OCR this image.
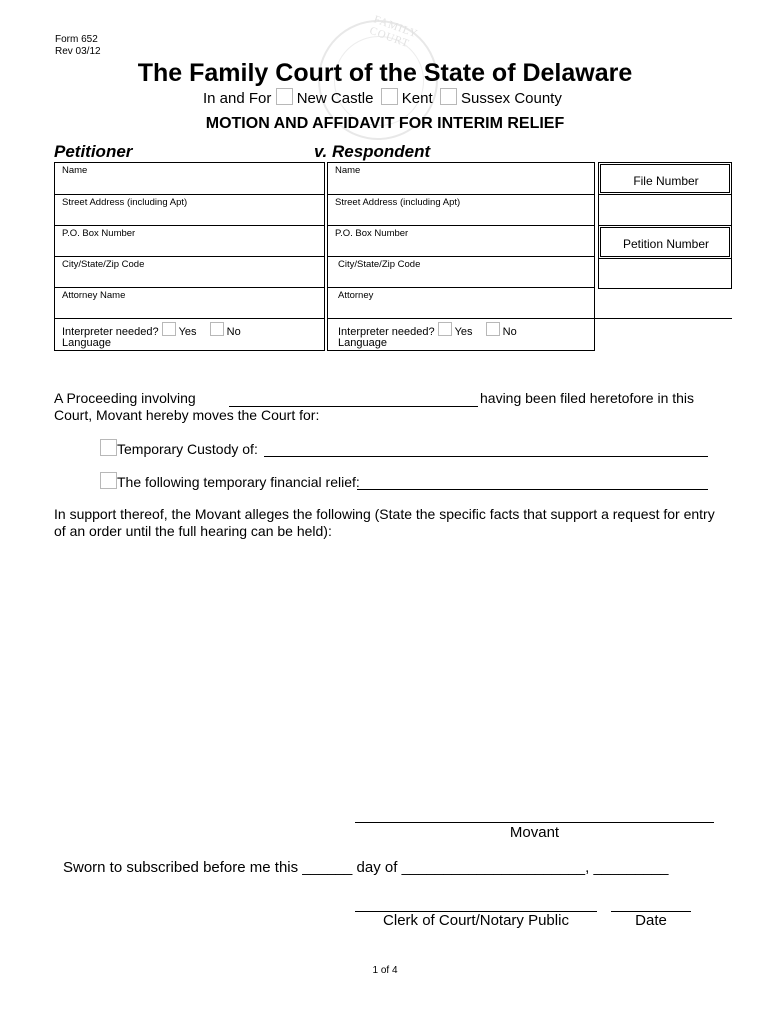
Form 652
Rev 03/12
FAMILY COURT
The Family Court of the State of Delaware
In and For New Castle Kent Sussex County
MOTION AND AFFIDAVIT FOR INTERIM RELIEF
Petitioner	v. Respondent
Name
Street Address (including Apt)
P.O. Box Number
City/State/Zip Code
Attorney Name
Interpreter needed? Yes	No
Language
Name
Street Address (including Apt)
P.O. Box Number
City/State/Zip Code
Attorney
Interpreter needed? Yes	No
Language
File Number
Petition Number
A Proceeding involving	having been filed heretofore in this
Court, Movant hereby moves the Court for:
Temporary Custody of:
The following temporary financial relief:
In support thereof, the Movant alleges the following (State the specific facts that support a request for entry of an order until the full hearing can be held):
Movant
Sworn to subscribed before me this ______ day of ______________________, _________
Clerk of Court/Notary Public	Date
1 of 4
